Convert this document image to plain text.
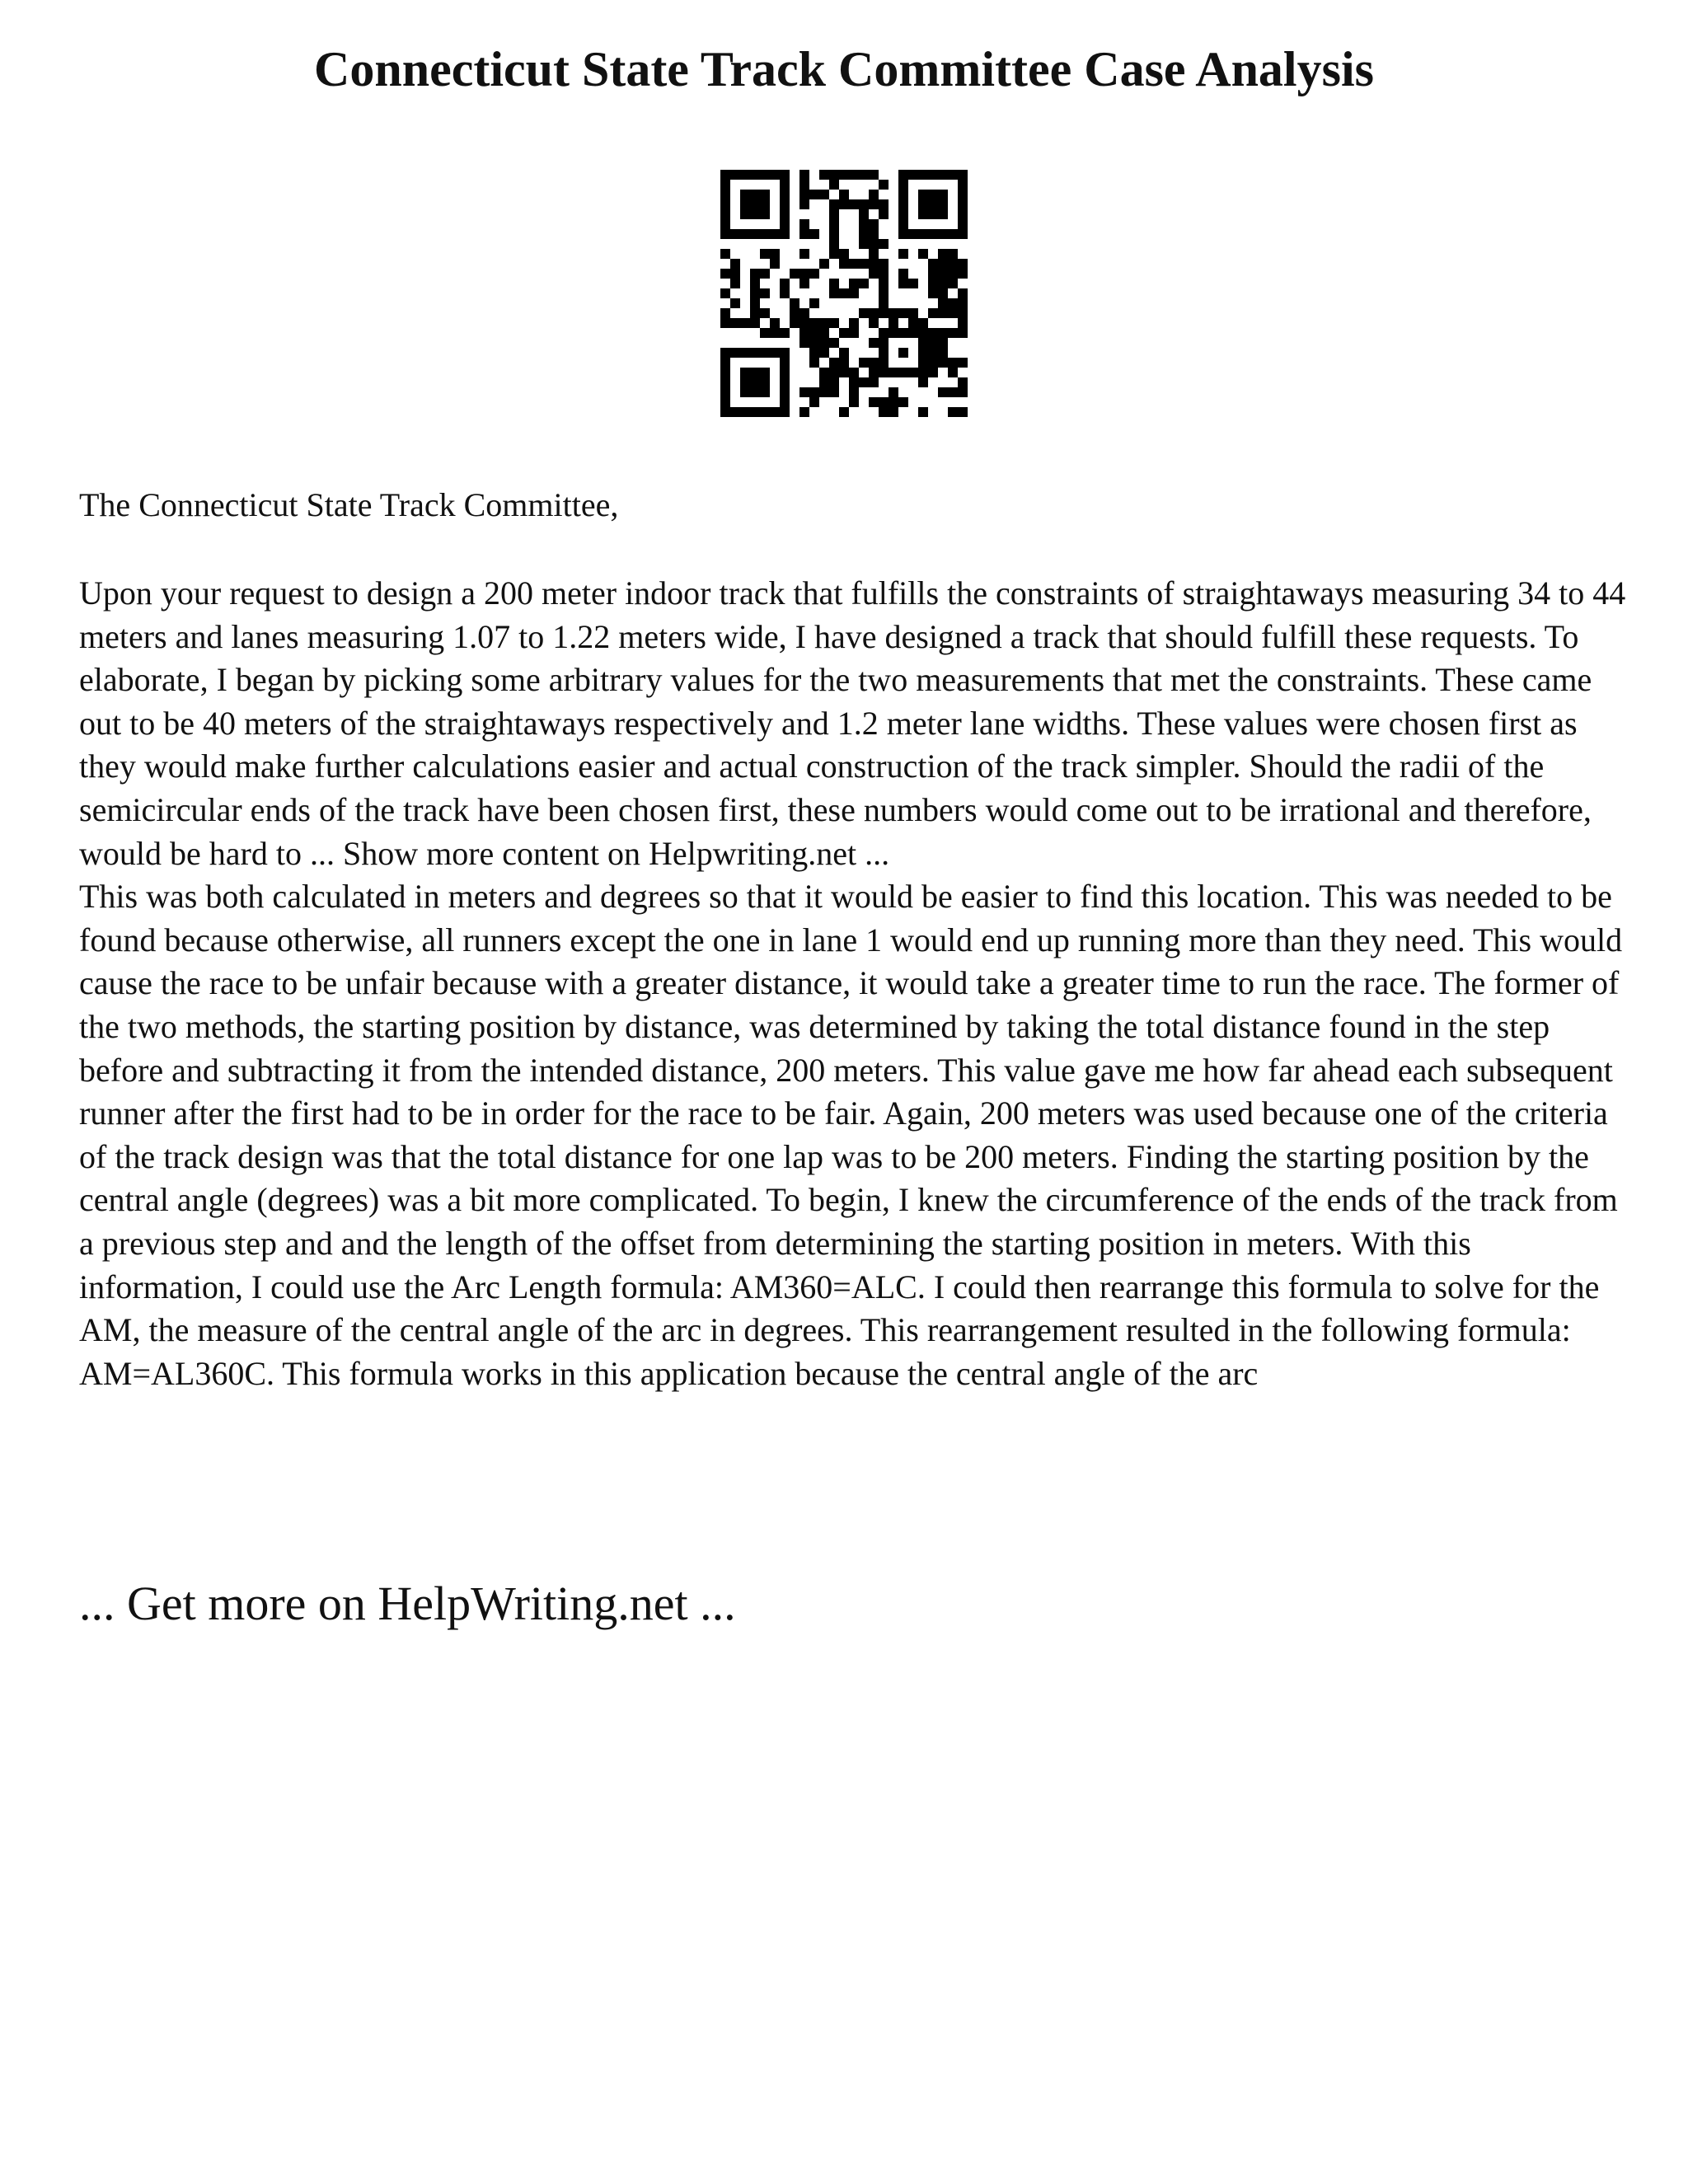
Connecticut State Track Committee Case Analysis

The Connecticut State Track Committee,

Upon your request to design a 200 meter indoor track that fulfills the constraints of straightaways measuring 34 to 44 meters and lanes measuring 1.07 to 1.22 meters wide, I have designed a track that should fulfill these requests. To elaborate, I began by picking some arbitrary values for the two measurements that met the constraints. These came out to be 40 meters of the straightaways respectively and 1.2 meter lane widths. These values were chosen first as they would make further calculations easier and actual construction of the track simpler. Should the radii of the semicircular ends of the track have been chosen first, these numbers would come out to be irrational and therefore, would be hard to ... Show more content on Helpwriting.net ...

This was both calculated in meters and degrees so that it would be easier to find this location. This was needed to be found because otherwise, all runners except the one in lane 1 would end up running more than they need. This would cause the race to be unfair because with a greater distance, it would take a greater time to run the race. The former of the two methods, the starting position by distance, was determined by taking the total distance found in the step before and subtracting it from the intended distance, 200 meters. This value gave me how far ahead each subsequent runner after the first had to be in order for the race to be fair. Again, 200 meters was used because one of the criteria of the track design was that the total distance for one lap was to be 200 meters. Finding the starting position by the central angle (degrees) was a bit more complicated. To begin, I knew the circumference of the ends of the track from a previous step and and the length of the offset from determining the starting position in meters. With this information, I could use the Arc Length formula: AM360=ALC. I could then rearrange this formula to solve for the AM, the measure of the central angle of the arc in degrees. This rearrangement resulted in the following formula: AM=AL360C. This formula works in this application because the central angle of the arc

... Get more on HelpWriting.net ...
